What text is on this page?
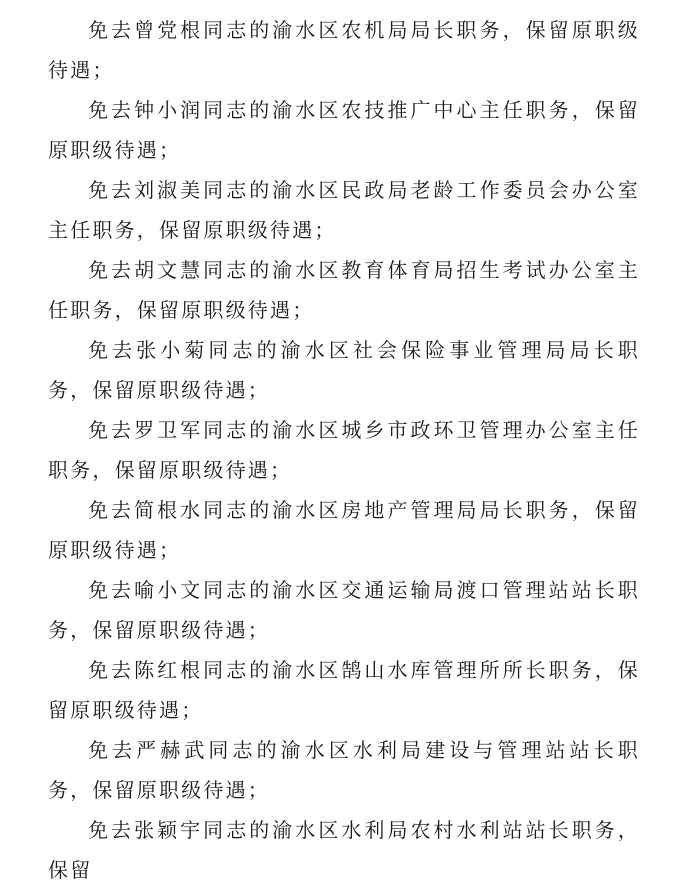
免去曾党根同志的渝水区农机局局长职务，保留原职级待遇；

免去钟小润同志的渝水区农技推广中心主任职务，保留原职级待遇；

免去刘淑美同志的渝水区民政局老龄工作委员会办公室主任职务，保留原职级待遇；

免去胡文慧同志的渝水区教育体育局招生考试办公室主任职务，保留原职级待遇；

免去张小菊同志的渝水区社会保险事业管理局局长职务，保留原职级待遇；

免去罗卫军同志的渝水区城乡市政环卫管理办公室主任职务，保留原职级待遇；

免去简根水同志的渝水区房地产管理局局长职务，保留原职级待遇；

免去喻小文同志的渝水区交通运输局渡口管理站站长职务，保留原职级待遇；

免去陈红根同志的渝水区鹄山水库管理所所长职务，保留原职级待遇；

免去严赫武同志的渝水区水利局建设与管理站站长职务，保留原职级待遇；

免去张颖宇同志的渝水区水利局农村水利站站长职务，保留
